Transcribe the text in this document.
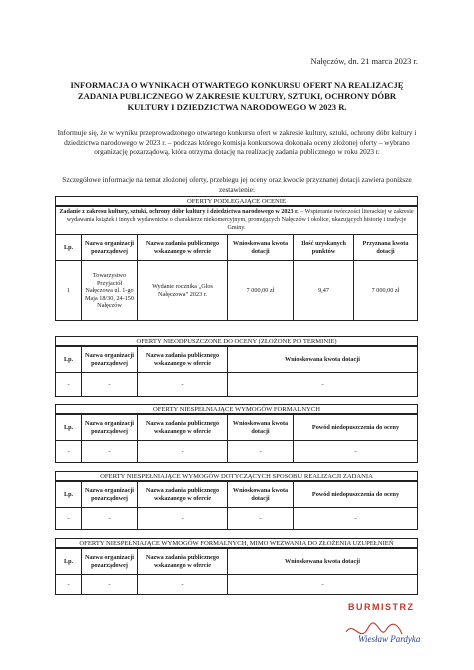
Nałęczów, dn. 21 marca 2023 r.
INFORMACJA O WYNIKACH OTWARTEGO KONKURSU OFERT NA REALIZACJĘ ZADANIA PUBLICZNEGO W ZAKRESIE KULTURY, SZTUKI, OCHRONY DÓBR KULTURY I DZIEDZICTWA NARODOWEGO W 2023 R.
Informuje się, że w wyniku przeprowadzonego otwartego konkursu ofert w zakresie kultury, sztuki, ochrony dóbr kultury i dziedzictwa narodowego w 2023 r. – podczas którego komisja konkursowa dokonała oceny złożonej oferty – wybrano organizację pozarządową, która otrzyma dotację na realizację zadania publicznego w roku 2023 r.
Szczegółowe informacje na temat złożonej oferty, przebiegu jej oceny oraz kwocie przyznanej dotacji zawiera poniższe zestawienie:
OFERTY PODLEGAJĄCE OCENIE
Zadanie z zakresu kultury, sztuki, ochrony dóbr kultury i dziedzictwa narodowego w 2023 r. – Wspieranie twórczości literackiej w zakresie wydawania książek i innych wydawnictw o charakterze niekomercyjnym, promujących Nałęczów i okolice, ukazujących historię i tradycje Gminy.					
Lp.	Nazwa organizacji pozarządowej	Nazwa zadania publicznego wskazanego w ofercie	Wnioskowana kwota dotacji	Ilość uzyskanych punktów	Przyznana kwota dotacji
1	Towarzystwo Przyjaciół Nałęczowa ul. 1-go Maja 18/30, 24-150 Nałęczów	Wydanie rocznika „Głos Nałęczowa” 2023 r.	7 000,00 zł	9,47	7 000,00 zł
OFERTY NIEODPUSZCZONE DO OCENY (ZŁOŻONE PO TERMINIE)
Lp.	Nazwa organizacji pozarządowej	Nazwa zadania publicznego wskazanego w ofercie	Wnioskowana kwota dotacji
-	-	-	-
OFERTY NIESPEŁNIAJĄCE WYMOGÓW FORMALNYCH
Lp.	Nazwa organizacji pozarządowej	Nazwa zadania publicznego wskazanego w ofercie	Wnioskowana kwota dotacji	Powód niedopuszczenia do oceny
-	-	-	-	-
OFERTY NIESPEŁNIAJĄCE WYMOGÓW DOTYCZĄCYCH SPOSOBU REALIZACJI ZADANIA
Lp.	Nazwa organizacji pozarządowej	Nazwa zadania publicznego wskazanego w ofercie	Wnioskowana kwota dotacji	Powód niedopuszczenia do oceny
-	-	-	-	-
OFERTY NIESPEŁNIAJĄCE WYMOGÓW FORMALNYCH, MIMO WEZWANIA DO ZŁOŻENIA UZUPEŁNIEŃ
Lp.	Nazwa organizacji pozarządowej	Nazwa zadania publicznego wskazanego w ofercie	Wnioskowana kwota dotacji
-	-	-	-
BURMISTRZ
Wiesław Pardyka
